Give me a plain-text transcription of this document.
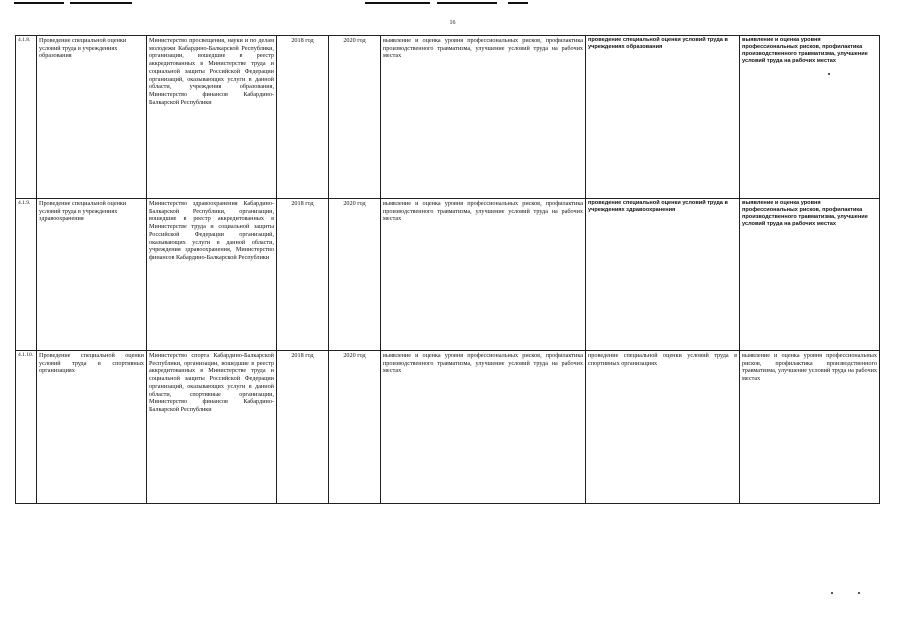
16
4.1.8.	Проведение специальной оценки условий труда в учреждениях образования	Министерство просвещения, науки и по делам молодежи Кабардино-Балкарской Республики, организации, вошедшие в реестр аккредитованных в Министерстве труда и социальной защиты Российской Федерации организаций, оказывающих услуги в данной области, учреждения образования, Министерство финансов Кабардино-Балкарской Республики	2018 год	2020 год	выявление и оценка уровня профессиональных рисков, профилактика производственного травматизма, улучшение условий труда на рабочих местах	проведение специальной оценки условий труда в учреждениях образования	выявление и оценка уровня профессиональных рисков, профилактика производственного травматизма, улучшение условий труда на рабочих местах
4.1.9.	Проведение специальной оценки условий труда в учреждениях здравоохранения	Министерство здравоохранения Кабардино-Балкарской Республики, организации, вошедшие в реестр аккредитованных в Министерстве труда и социальной защиты Российской Федерации организаций, оказывающих услуги в данной области, учреждения здравоохранения, Министерство финансов Кабардино-Балкарской Республики	2018 год	2020 год	выявление и оценка уровня профессиональных рисков, профилактика производственного травматизма, улучшение условий труда на рабочих местах	проведение специальной оценки условий труда в учреждениях здравоохранения	выявление и оценка уровня профессиональных рисков, профилактика производственного травматизма, улучшение условий труда на рабочих местах
4.1.10.	Проведение специальной оценки условий труда в спортивных организациях	Министерство спорта Кабардино-Балкарской Республики, организации, вошедшие в реестр аккредитованных в Министерстве труда и социальной защиты Российской Федерации организаций, оказывающих услуги в данной области, спортивные организации, Министерство финансов Кабардино-Балкарской Республики	2018 год	2020 год	выявление и оценка уровня профессиональных рисков, профилактика производственного травматизма, улучшение условий труда на рабочих местах	проведение специальной оценки условий труда в спортивных организациях	выявление и оценка уровня профессиональных рисков, профилактика производственного травматизма, улучшение условий труда на рабочих местах
